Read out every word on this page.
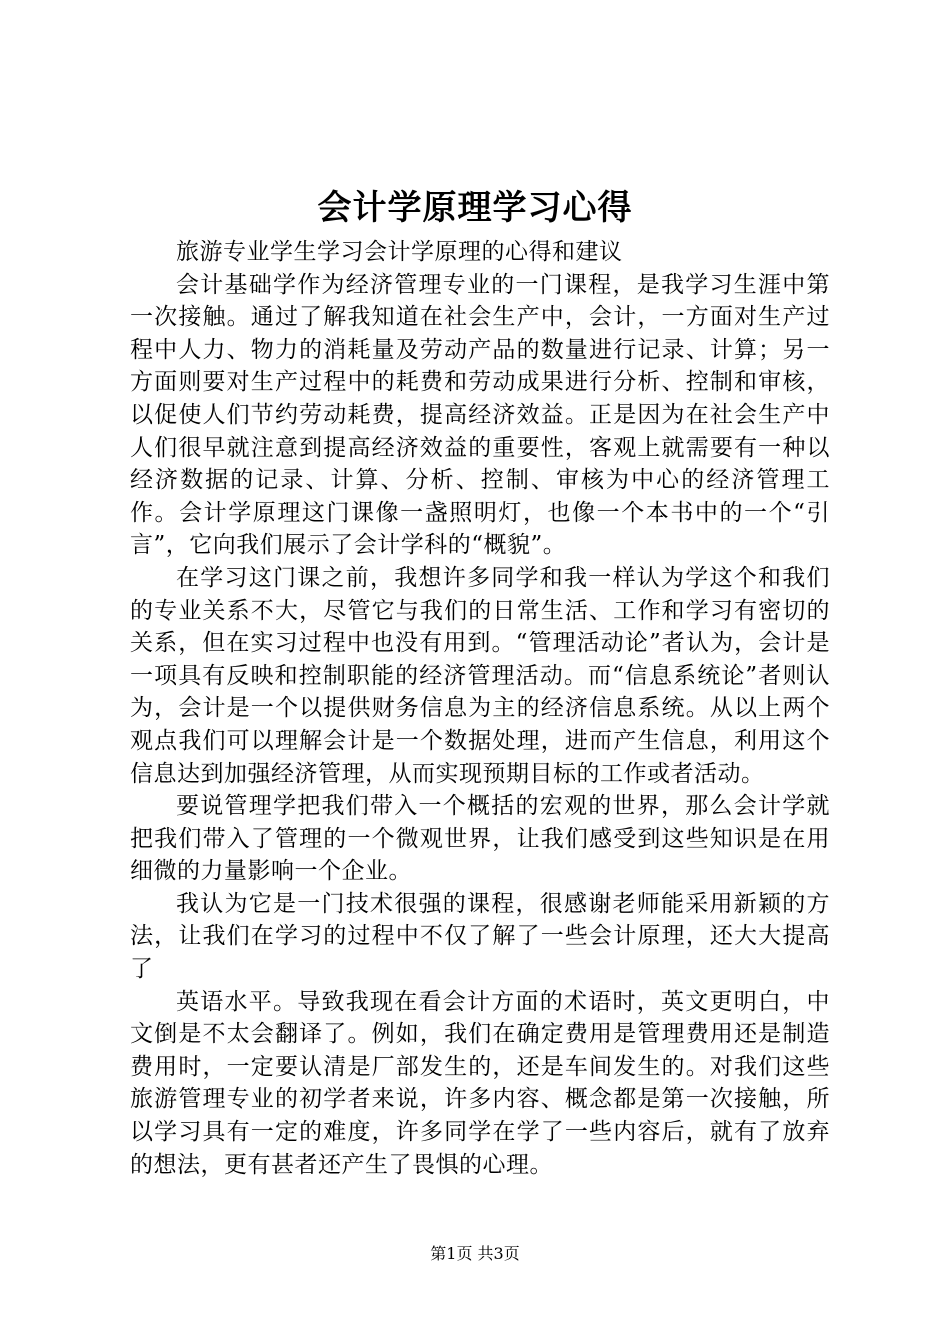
会计学原理学习心得

旅游专业学生学习会计学原理的心得和建议

会计基础学作为经济管理专业的一门课程，是我学习生涯中第一次接触。通过了解我知道在社会生产中，会计，一方面对生产过程中人力、物力的消耗量及劳动产品的数量进行记录、计算；另一方面则要对生产过程中的耗费和劳动成果进行分析、控制和审核，以促使人们节约劳动耗费，提高经济效益。正是因为在社会生产中人们很早就注意到提高经济效益的重要性，客观上就需要有一种以经济数据的记录、计算、分析、控制、审核为中心的经济管理工作。会计学原理这门课像一盏照明灯，也像一个本书中的一个“引言”，它向我们展示了会计学科的“概貌”。

在学习这门课之前，我想许多同学和我一样认为学这个和我们的专业关系不大，尽管它与我们的日常生活、工作和学习有密切的关系，但在实习过程中也没有用到。“管理活动论”者认为，会计是一项具有反映和控制职能的经济管理活动。而“信息系统论”者则认为，会计是一个以提供财务信息为主的经济信息系统。从以上两个观点我们可以理解会计是一个数据处理，进而产生信息，利用这个信息达到加强经济管理，从而实现预期目标的工作或者活动。

要说管理学把我们带入一个概括的宏观的世界，那么会计学就把我们带入了管理的一个微观世界，让我们感受到这些知识是在用细微的力量影响一个企业。

我认为它是一门技术很强的课程，很感谢老师能采用新颖的方法，让我们在学习的过程中不仅了解了一些会计原理，还大大提高了

英语水平。导致我现在看会计方面的术语时，英文更明白，中文倒是不太会翻译了。例如，我们在确定费用是管理费用还是制造费用时，一定要认清是厂部发生的，还是车间发生的。对我们这些旅游管理专业的初学者来说，许多内容、概念都是第一次接触，所以学习具有一定的难度，许多同学在学了一些内容后，就有了放弃的想法，更有甚者还产生了畏惧的心理。

第1页 共3页
